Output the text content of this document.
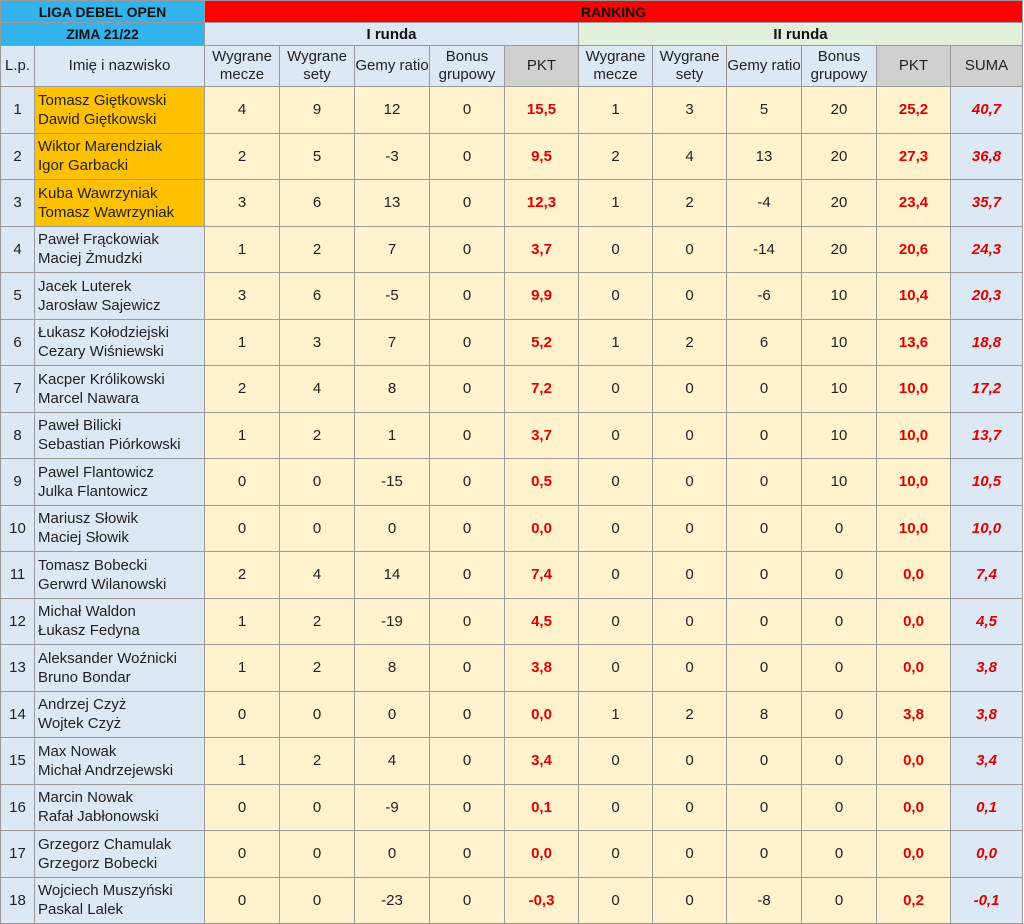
LIGA DEBEL OPEN		RANKING										
ZIMA 21/22		I runda					II runda					
L.p.	Imię i nazwisko	Wygrane mecze	Wygrane sety	Gemy ratio	Bonus grupowy	PKT	Wygrane mecze	Wygrane sety	Gemy ratio	Bonus grupowy	PKT	SUMA
1	Tomasz Giętkowski
Dawid Giętkowski	4	9	12	0	15,5	1	3	5	20	25,2	40,7
2	Wiktor Marendziak
Igor Garbacki	2	5	-3	0	9,5	2	4	13	20	27,3	36,8
3	Kuba Wawrzyniak
Tomasz Wawrzyniak	3	6	13	0	12,3	1	2	-4	20	23,4	35,7
4	Paweł Frąckowiak
Maciej Żmudzki	1	2	7	0	3,7	0	0	-14	20	20,6	24,3
5	Jacek Luterek
Jarosław Sajewicz	3	6	-5	0	9,9	0	0	-6	10	10,4	20,3
6	Łukasz Kołodziejski
Cezary Wiśniewski	1	3	7	0	5,2	1	2	6	10	13,6	18,8
7	Kacper Królikowski
Marcel Nawara	2	4	8	0	7,2	0	0	0	10	10,0	17,2
8	Paweł Bilicki
Sebastian Piórkowski	1	2	1	0	3,7	0	0	0	10	10,0	13,7
9	Pawel Flantowicz
Julka Flantowicz	0	0	-15	0	0,5	0	0	0	10	10,0	10,5
10	Mariusz Słowik
Maciej Słowik	0	0	0	0	0,0	0	0	0	0	10,0	10,0
11	Tomasz Bobecki
Gerwrd Wilanowski	2	4	14	0	7,4	0	0	0	0	0,0	7,4
12	Michał Waldon
Łukasz Fedyna	1	2	-19	0	4,5	0	0	0	0	0,0	4,5
13	Aleksander Woźnicki
Bruno Bondar	1	2	8	0	3,8	0	0	0	0	0,0	3,8
14	Andrzej Czyż
Wojtek Czyż	0	0	0	0	0,0	1	2	8	0	3,8	3,8
15	Max Nowak
Michał Andrzejewski	1	2	4	0	3,4	0	0	0	0	0,0	3,4
16	Marcin Nowak
Rafał Jabłonowski	0	0	-9	0	0,1	0	0	0	0	0,0	0,1
17	Grzegorz Chamulak
Grzegorz Bobecki	0	0	0	0	0,0	0	0	0	0	0,0	0,0
18	Wojciech Muszyński
Paskal Lalek	0	0	-23	0	-0,3	0	0	-8	0	0,2	-0,1
